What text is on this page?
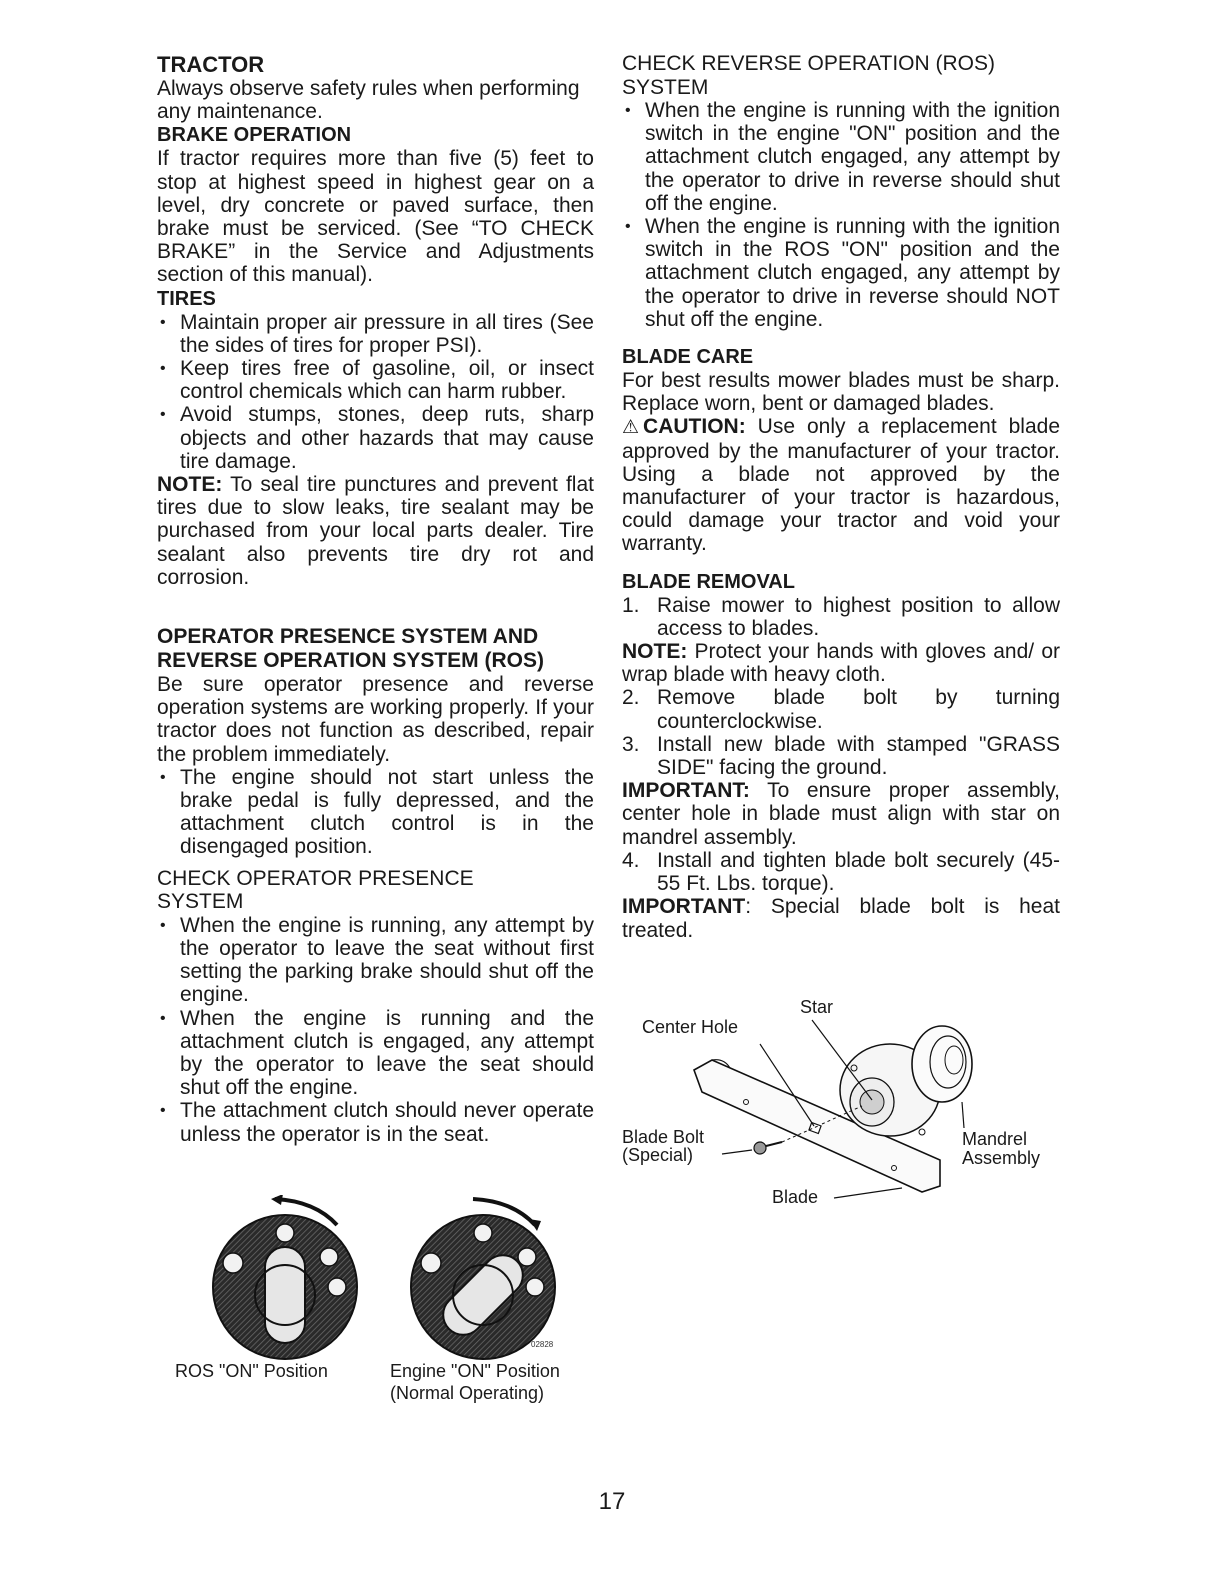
TRACTOR

Always observe safety rules when performing any maintenance.

BRAKE OPERATION

If tractor requires more than five (5) feet to stop at highest speed in highest gear on a level, dry concrete or paved surface, then brake must be serviced. (See “TO CHECK BRAKE” in the Service and Adjustments section of this manual).

TIRES
• Maintain proper air pressure in all tires (See the sides of tires for proper PSI).
• Keep tires free of gasoline, oil, or insect control chemicals which can harm rubber.
• Avoid stumps, stones, deep ruts, sharp objects and other hazards that may cause tire damage.

NOTE: To seal tire punctures and prevent flat tires due to slow leaks, tire sealant may be purchased from your local parts dealer. Tire sealant also prevents tire dry rot and corrosion.

OPERATOR PRESENCE SYSTEM AND
REVERSE OPERATION SYSTEM (ROS)

Be sure operator presence and reverse operation systems are working properly. If your tractor does not function as described, repair the problem immediately.

• The engine should not start unless the brake pedal is fully depressed, and the attachment clutch control is in the disengaged position.

CHECK OPERATOR PRESENCE

SYSTEM

• When the engine is running, any attempt by the operator to leave the seat without first setting the parking brake should shut off the engine.
• When the engine is running and the attachment clutch is engaged, any attempt by the operator to leave the seat should shut off the engine.
• The attachment clutch should never operate unless the operator is in the seat.
02828
ROS "ON" Position	Engine "ON" Position
(Normal Operating)

CHECK REVERSE OPERATION (ROS)

SYSTEM

• When the engine is running with the ignition switch in the engine "ON" position and the attachment clutch engaged, any attempt by the operator to drive in reverse should shut off the engine.
• When the engine is running with the ignition switch in the ROS "ON" position and the attachment clutch engaged, any attempt by the operator to drive in reverse should NOT shut off the engine.
BLADE CARE

For best results mower blades must be sharp. Replace worn, bent or damaged blades.

⚠ CAUTION: Use only a replacement blade approved by the manufacturer of your tractor. Using a blade not approved by the manufacturer of your tractor is hazardous, could damage your tractor and void your warranty.

BLADE REMOVAL
1. Raise mower to highest position to allow access to blades.

NOTE: Protect your hands with gloves and/ or wrap blade with heavy cloth.

2. Remove blade bolt by turning counterclockwise.
3. Install new blade with stamped "GRASS SIDE" facing the ground.

IMPORTANT: To ensure proper assembly, center hole in blade must align with star on mandrel assembly.

4. Install and tighten blade bolt securely (45-55 Ft. Lbs. torque).

IMPORTANT: Special blade bolt is heat treated.

Star
Center Hole
Blade Bolt
(Special)
Mandrel
Assembly
Blade
17
